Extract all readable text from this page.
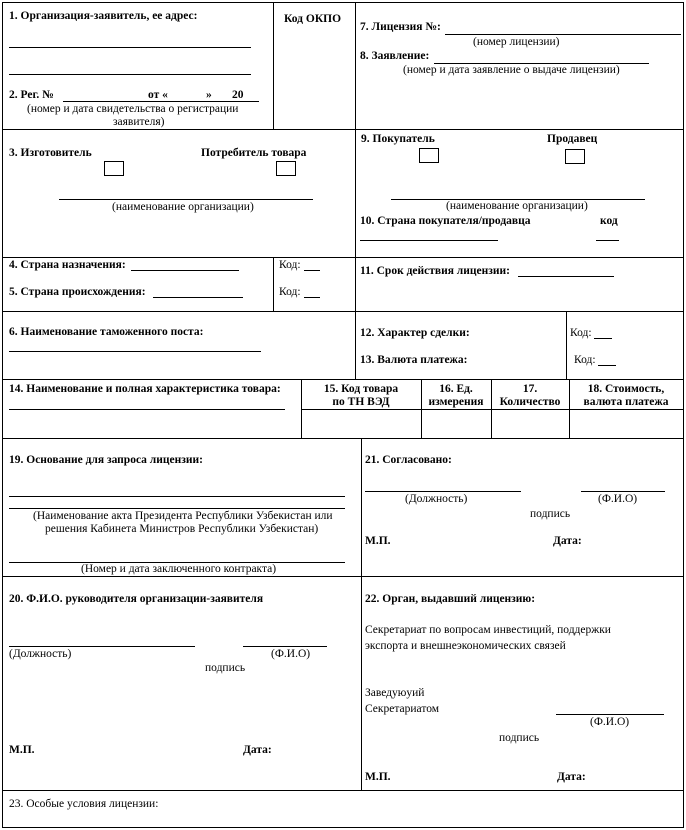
1. Организация-заявитель, ее адрес:
2. Рег. №	от «	» 20
(номер и дата свидетельства о регистрации
заявителя)
Код ОКПО
7. Лицензия №:
(номер лицензии)
8. Заявление:
(номер и дата заявление о выдаче лицензии)
3. Изготовитель	Потребитель товара
(наименование организации)
9. Покупатель	Продавец
(наименование организации)
10. Страна покупателя/продавца	код
4. Страна назначения:	Код:
5. Страна происхождения:	Код:
11. Срок действия лицензии:
6. Наименование таможенного поста:	12. Характер сделки:	Код:
13. Валюта платежа:	Код:
14. Наименование и полная характеристика товара:	15. Код товара
по ТН ВЭД
16. Ед.
измерения
17.
Количество
18. Стоимость,
валюта платежа
19. Основание для запроса лицензии:
(Наименование акта Президента Республики Узбекистан или
решения Кабинета Министров Республики Узбекистан)
(Номер и дата заключенного контракта)
21. Согласовано:
(Должность)	(Ф.И.О)
подпись
М.П.	Дата:
20. Ф.И.О. руководителя организации-заявителя
(Должность)	(Ф.И.О)
подпись
М.П.	Дата:
22. Орган, выдавший лицензию:
Секретариат по вопросам инвестиций, поддержки
экспорта и внешнеэкономических связей
Заведуюуий
Секретариатом
(Ф.И.О)
подпись
М.П.	Дата:
23. Особые условия лицензии:
